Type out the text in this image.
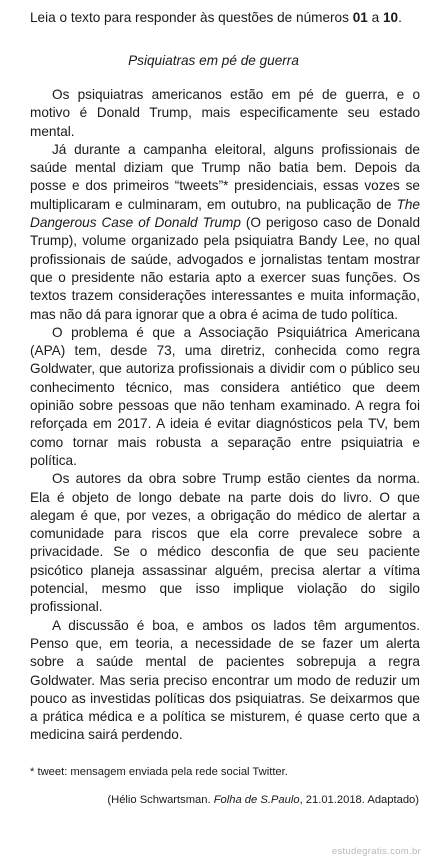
Leia o texto para responder às questões de números 01 a 10.
Psiquiatras em pé de guerra

Os psiquiatras americanos estão em pé de guerra, e o motivo é Donald Trump, mais especificamente seu estado mental.

Já durante a campanha eleitoral, alguns profissionais de saúde mental diziam que Trump não batia bem. Depois da posse e dos primeiros “tweets”* presidenciais, essas vozes se multiplicaram e culminaram, em outubro, na publicação de The Dangerous Case of Donald Trump (O perigoso caso de Donald Trump), volume organizado pela psiquiatra Bandy Lee, no qual profissionais de saúde, advogados e jornalistas tentam mostrar que o presidente não estaria apto a exercer suas funções. Os textos trazem considerações interessantes e muita informação, mas não dá para ignorar que a obra é acima de tudo política.

O problema é que a Associação Psiquiátrica Americana (APA) tem, desde 73, uma diretriz, conhecida como regra Goldwater, que autoriza profissionais a dividir com o público seu conhecimento técnico, mas considera antiético que deem opinião sobre pessoas que não tenham examinado. A regra foi reforçada em 2017. A ideia é evitar diagnósticos pela TV, bem como tornar mais robusta a separação entre psiquiatria e política.

Os autores da obra sobre Trump estão cientes da norma. Ela é objeto de longo debate na parte dois do livro. O que alegam é que, por vezes, a obrigação do médico de alertar a comunidade para riscos que ela corre prevalece sobre a privacidade. Se o médico desconfia de que seu paciente psicótico planeja assassinar alguém, precisa alertar a vítima potencial, mesmo que isso implique violação do sigilo profissional.

A discussão é boa, e ambos os lados têm argumentos. Penso que, em teoria, a necessidade de se fazer um alerta sobre a saúde mental de pacientes sobrepuja a regra Goldwater. Mas seria preciso encontrar um modo de reduzir um pouco as investidas políticas dos psiquiatras. Se deixarmos que a prática médica e a política se misturem, é quase certo que a medicina sairá perdendo.

* tweet: mensagem enviada pela rede social Twitter.
(Hélio Schwartsman. Folha de S.Paulo, 21.01.2018. Adaptado)
estudegratis.com.br
